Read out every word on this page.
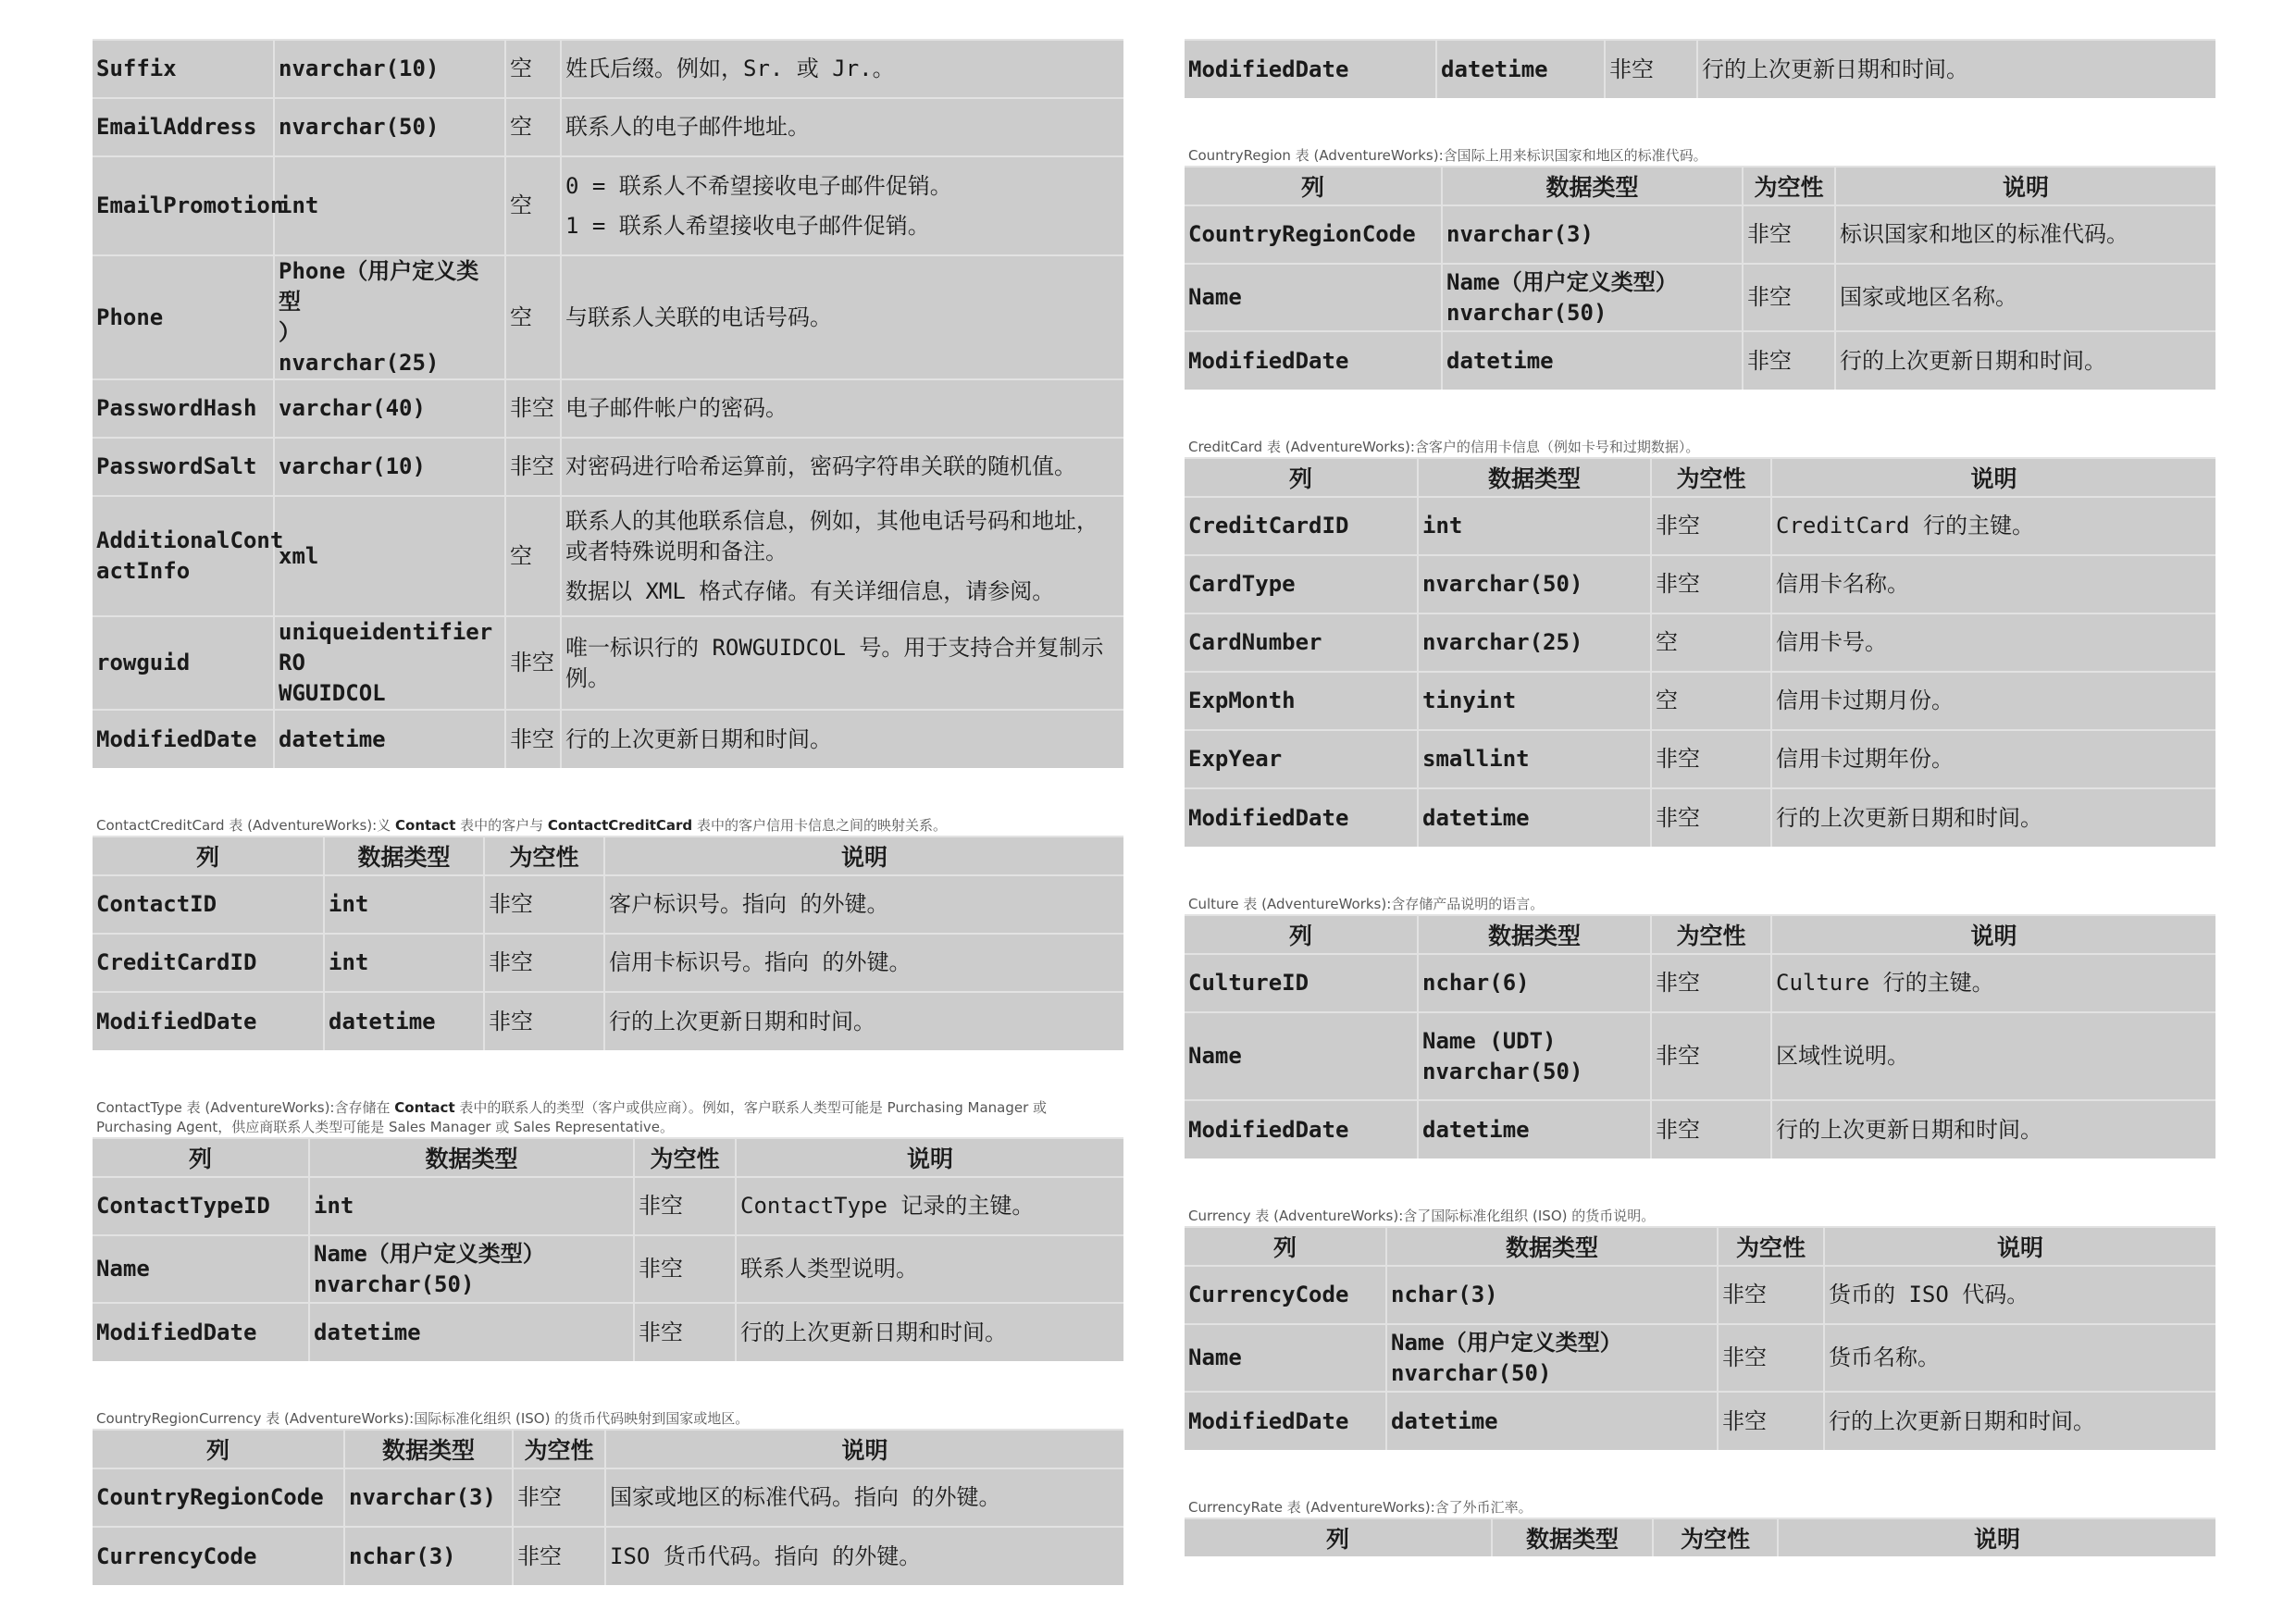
Suffix	nvarchar(10)	空	姓氏后缀。例如，Sr. 或 Jr.。

EmailAddress	nvarchar(50)	空	联系人的电子邮件地址。

EmailPromotion	int	空	0 = 联系人不希望接收电子邮件促销。
1 = 联系人希望接收电子邮件促销。

Phone	Phone（用户定义类型
）
nvarchar(25)	空	与联系人关联的电话号码。

PasswordHash	varchar(40)	非空	电子邮件帐户的密码。

PasswordSalt	varchar(10)	非空	对密码进行哈希运算前，密码字符串关联的随机值。

AdditionalCont
actInfo	xml	空	联系人的其他联系信息，例如，其他电话号码和地址，或者特殊说明和备注。
数据以 XML 格式存储。有关详细信息，请参阅。

rowguid	uniqueidentifier RO
WGUIDCOL	非空	唯一标识行的 ROWGUIDCOL 号。用于支持合并复制示例。

ModifiedDate	datetime	非空	行的上次更新日期和时间。
ContactCreditCard 表 (AdventureWorks):义 Contact 表中的客户与 ContactCreditCard 表中的客户信用卡信息之间的映射关系。
列	数据类型	为空性	说明
ContactID	int	非空	客户标识号。指向 的外键。

CreditCardID	int	非空	信用卡标识号。指向 的外键。

ModifiedDate	datetime	非空	行的上次更新日期和时间。
ContactType 表 (AdventureWorks):含存储在 Contact 表中的联系人的类型（客户或供应商）。例如，客户联系人类型可能是 Purchasing Manager 或 Purchasing Agent，供应商联系人类型可能是 Sales Manager 或 Sales Representative。
列	数据类型	为空性	说明
ContactTypeID	int	非空	ContactType 记录的主键。

Name	Name（用户定义类型）
nvarchar(50)	非空	联系人类型说明。

ModifiedDate	datetime	非空	行的上次更新日期和时间。
CountryRegionCurrency 表 (AdventureWorks):国际标准化组织 (ISO) 的货币代码映射到国家或地区。
列	数据类型	为空性	说明
CountryRegionCode	nvarchar(3)	非空	国家或地区的标准代码。指向 的外键。

CurrencyCode	nchar(3)	非空	ISO 货币代码。指向 的外键。
ModifiedDate	datetime	非空	行的上次更新日期和时间。
CountryRegion 表 (AdventureWorks):含国际上用来标识国家和地区的标准代码。
列	数据类型	为空性	说明
CountryRegionCode	nvarchar(3)	非空	标识国家和地区的标准代码。

Name	Name（用户定义类型）
nvarchar(50)	非空	国家或地区名称。

ModifiedDate	datetime	非空	行的上次更新日期和时间。
CreditCard 表 (AdventureWorks):含客户的信用卡信息（例如卡号和过期数据）。
列	数据类型	为空性	说明
CreditCardID	int	非空	CreditCard 行的主键。

CardType	nvarchar(50)	非空	信用卡名称。

CardNumber	nvarchar(25)	空	信用卡号。

ExpMonth	tinyint	空	信用卡过期月份。

ExpYear	smallint	非空	信用卡过期年份。

ModifiedDate	datetime	非空	行的上次更新日期和时间。
Culture 表 (AdventureWorks):含存储产品说明的语言。
列	数据类型	为空性	说明
CultureID	nchar(6)	非空	Culture 行的主键。

Name	Name (UDT)
nvarchar(50)	非空	区域性说明。

ModifiedDate	datetime	非空	行的上次更新日期和时间。
Currency 表 (AdventureWorks):含了国际标准化组织 (ISO) 的货币说明。
列	数据类型	为空性	说明
CurrencyCode	nchar(3)	非空	货币的 ISO 代码。

Name	Name（用户定义类型）
nvarchar(50)	非空	货币名称。

ModifiedDate	datetime	非空	行的上次更新日期和时间。
CurrencyRate 表 (AdventureWorks):含了外币汇率。
列	数据类型	为空性	说明
